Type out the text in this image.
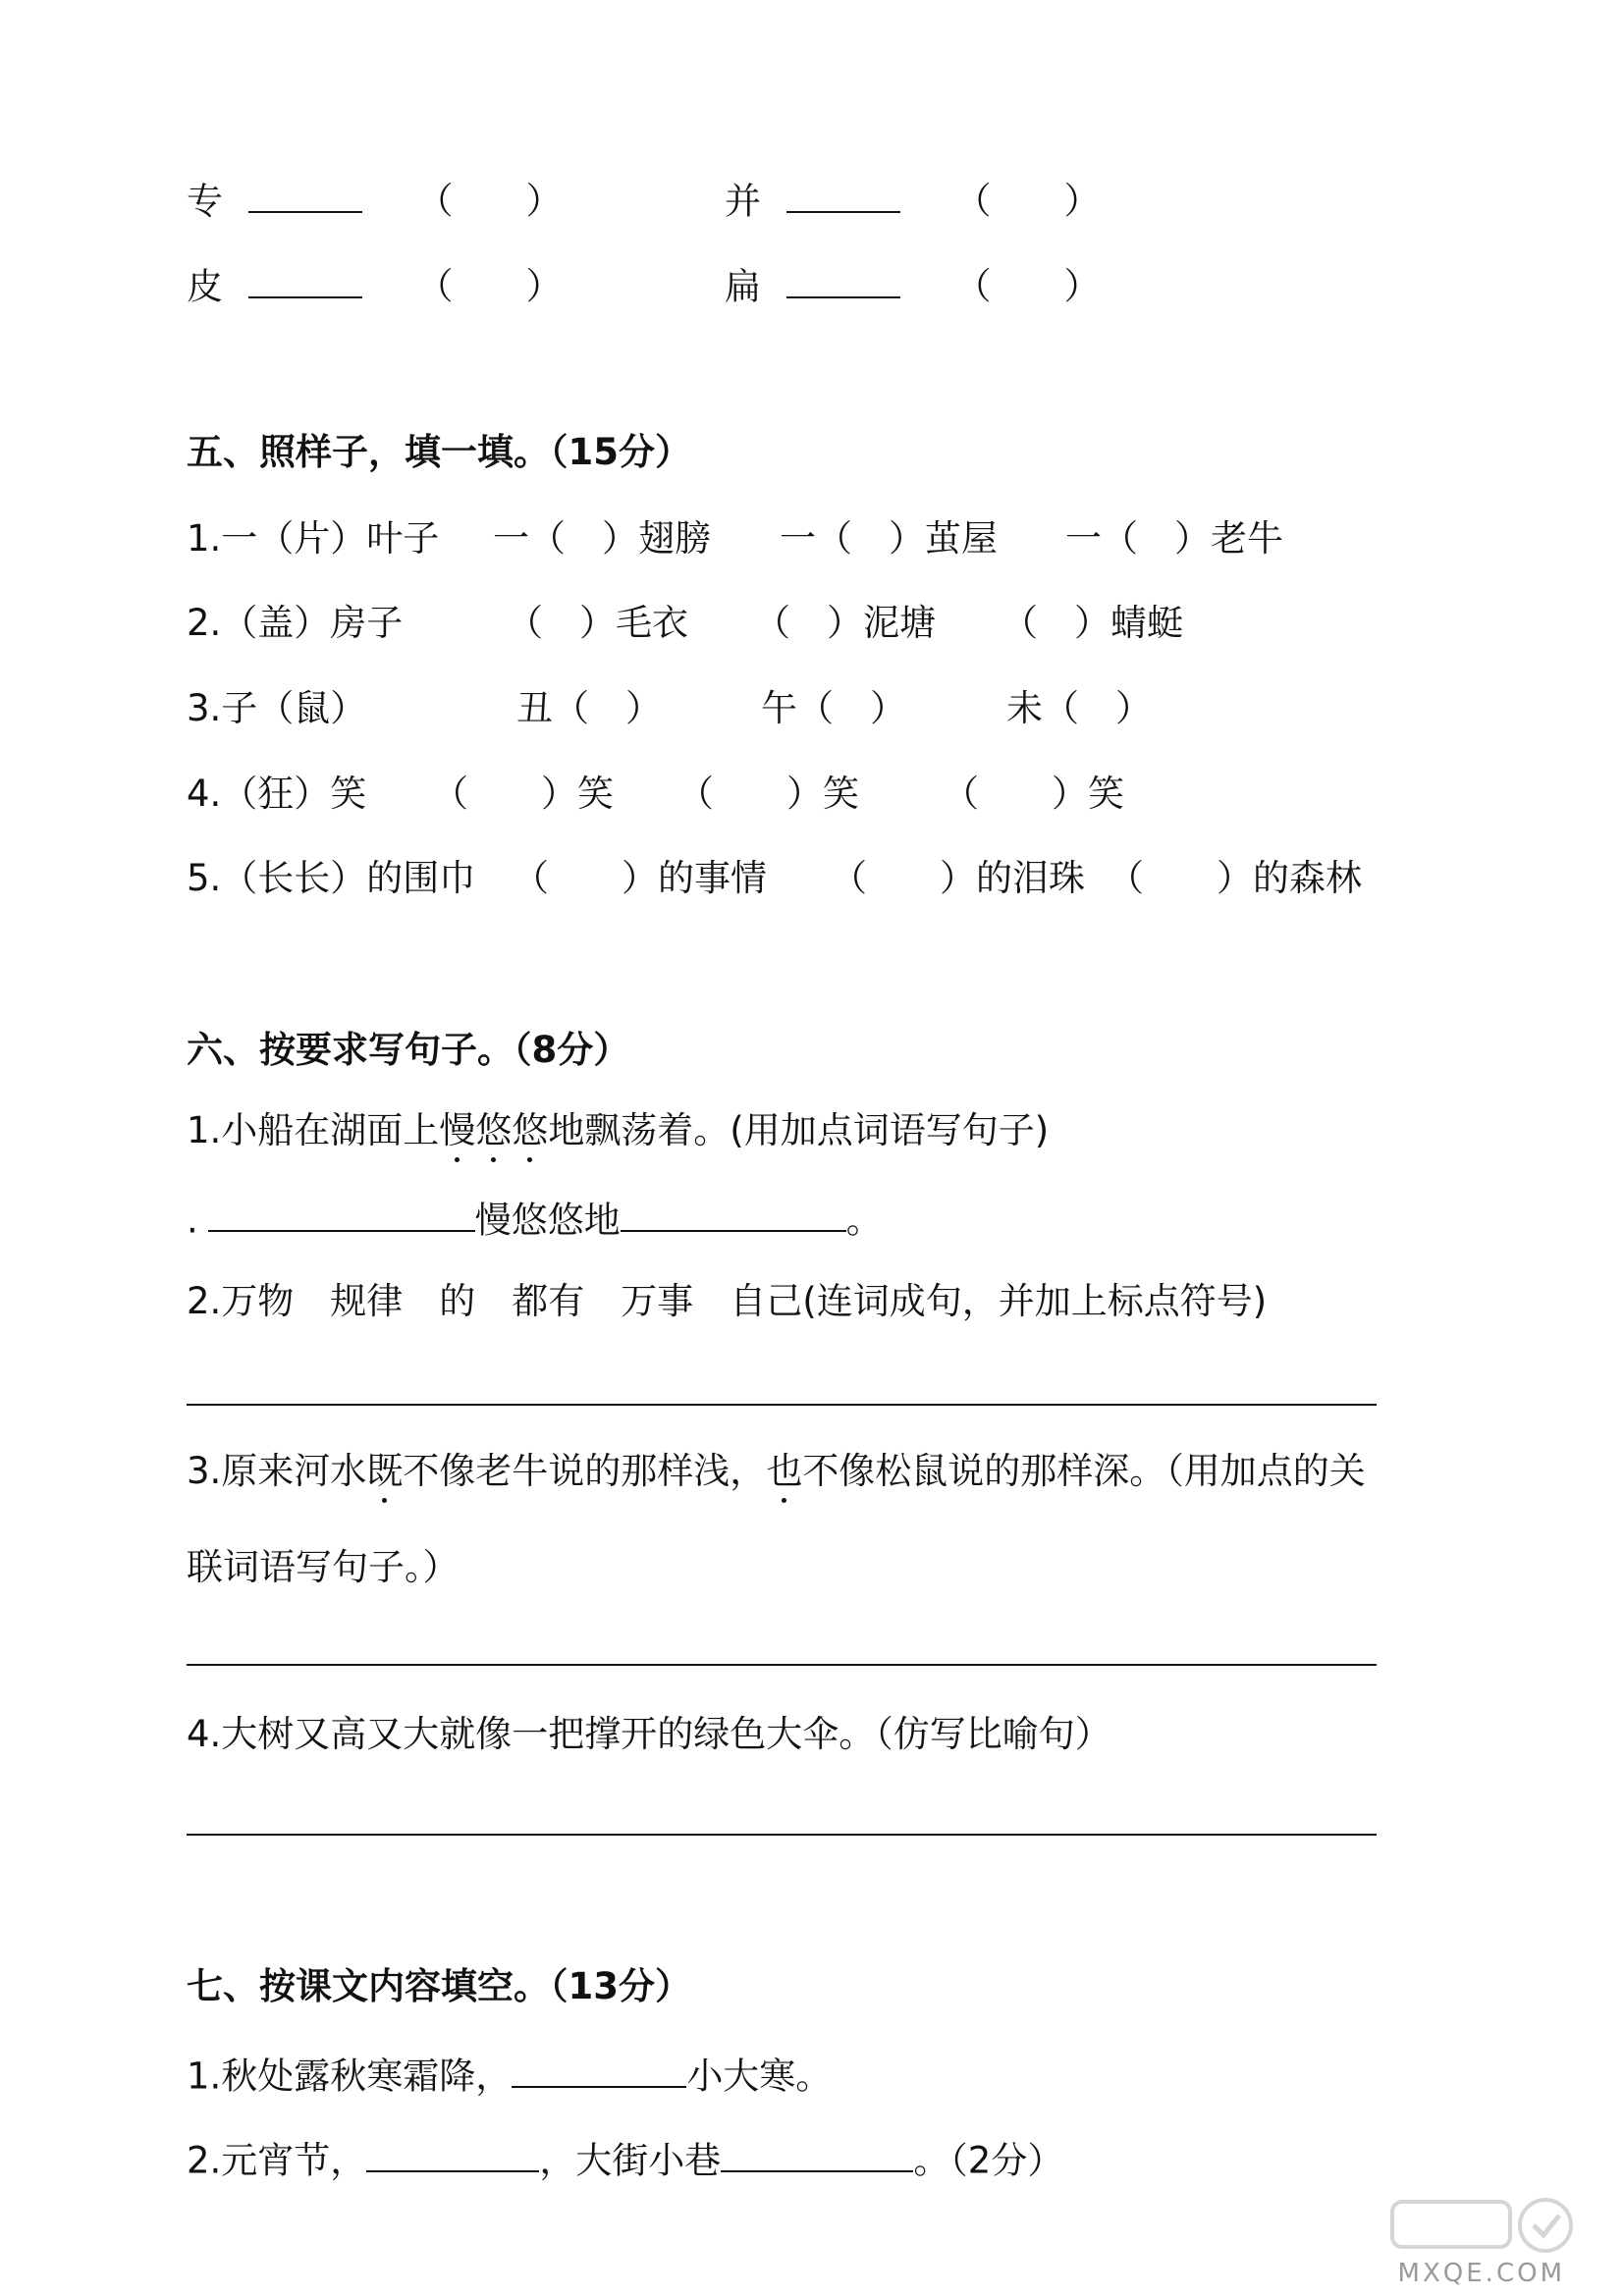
专	（　　）	并	（　　）
皮	（　　）	扁	（　　）
五、照样子，填一填。（15分）
1.一（片）叶子 一（　）翅膀 一（　）茧屋 一（　）老牛
2.（盖）房子	（　）毛衣 （　）泥塘 （　）蜻蜓
3.子（鼠）	丑（　）	午（　）	未（　）
4.（狂）笑 （　　）笑 （　　）笑 （　　）笑
5.（长长）的围巾 （　　）的事情 （　　）的泪珠 （　　）的森林
六、按要求写句子。（8分）
1.小船在湖面上慢悠悠地飘荡着。(用加点词语写句子)
.	慢悠悠地	。
2.万物　规律　的　都有　万事　自己(连词成句，并加上标点符号)
3.原来河水既不像老牛说的那样浅，也不像松鼠说的那样深。（用加点的关
联词语写句子。）
4.大树又高又大就像一把撑开的绿色大伞。（仿写比喻句）
七、按课文内容填空。（13分）
1.秋处露秋寒霜降，	小大寒。
2.元宵节，	，大街小巷	。（2分）
MXQE.COM
